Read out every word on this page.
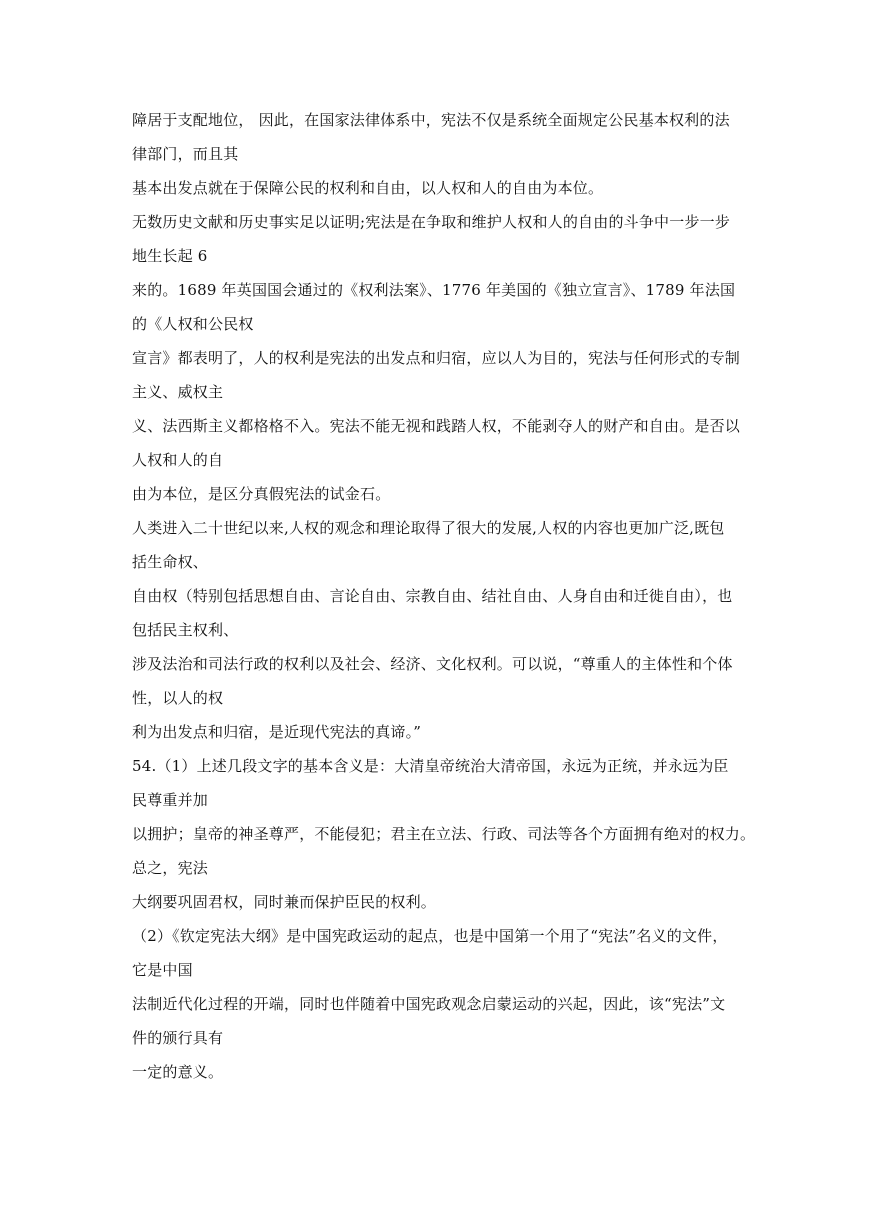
障居于支配地位， 因此，在国家法律体系中，宪法不仅是系统全面规定公民基本权利的法
律部门，而且其
基本出发点就在于保障公民的权利和自由，以人权和人的自由为本位。
无数历史文献和历史事实足以证明;宪法是在争取和维护人权和人的自由的斗争中一步一步
地生长起 6
来的。1689 年英国国会通过的《权利法案》、1776 年美国的《独立宣言》、1789 年法国
的《人权和公民权
宣言》都表明了，人的权利是宪法的出发点和归宿，应以人为目的，宪法与任何形式的专制
主义、威权主
义、法西斯主义都格格不入。宪法不能无视和践踏人权，不能剥夺人的财产和自由。是否以
人权和人的自
由为本位，是区分真假宪法的试金石。
人类进入二十世纪以来,人权的观念和理论取得了很大的发展,人权的内容也更加广泛,既包
括生命权、
自由权（特别包括思想自由、言论自由、宗教自由、结社自由、人身自由和迁徙自由），也
包括民主权利、
涉及法治和司法行政的权利以及社会、经济、文化权利。可以说，“尊重人的主体性和个体
性，以人的权
利为出发点和归宿，是近现代宪法的真谛。”
54.（1）上述几段文字的基本含义是：大清皇帝统治大清帝国，永远为正统，并永远为臣
民尊重并加
以拥护；皇帝的神圣尊严，不能侵犯；君主在立法、行政、司法等各个方面拥有绝对的权力。
总之，宪法
大纲要巩固君权，同时兼而保护臣民的权利。
（2）《钦定宪法大纲》是中国宪政运动的起点，也是中国第一个用了“宪法”名义的文件，
它是中国
法制近代化过程的开端，同时也伴随着中国宪政观念启蒙运动的兴起，因此，该“宪法”文
件的颁行具有
一定的意义。
